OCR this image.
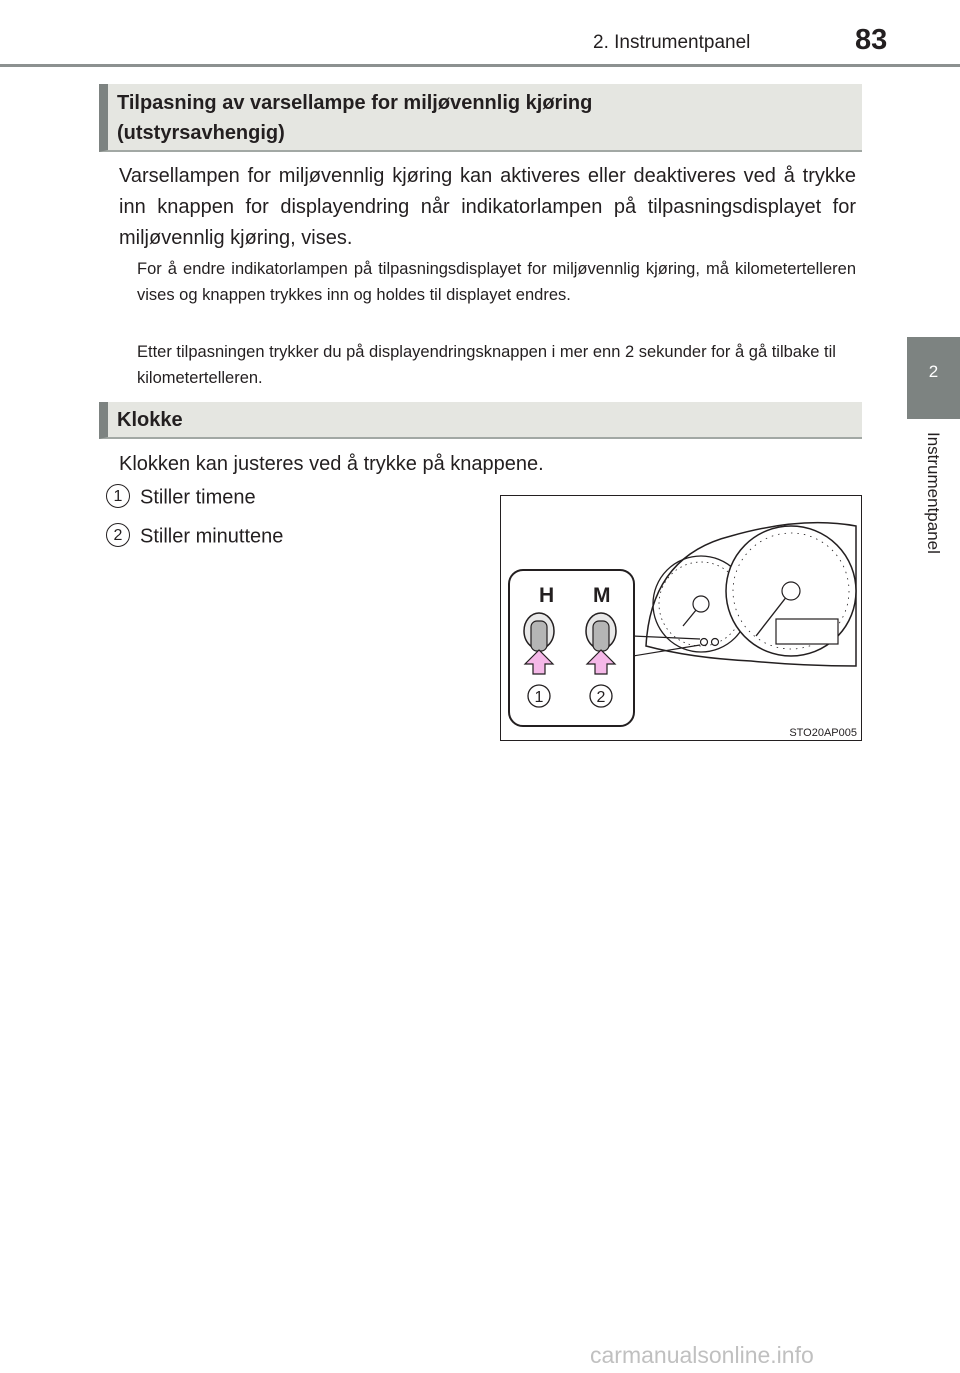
2. Instrumentpanel	83
2
Instrumentpanel
Tilpasning av varsellampe for miljøvennlig kjøring
(utstyrsavhengig)
Varsellampen for miljøvennlig kjøring kan aktiveres eller deaktiveres ved å trykke inn knappen for displayendring når indikatorlampen på tilpasningsdisplayet for miljøvennlig kjøring, vises.
For å endre indikatorlampen på tilpasningsdisplayet for miljøvennlig kjøring, må kilometertelleren vises og knappen trykkes inn og holdes til displayet endres.
Etter tilpasningen trykker du på displayendringsknappen i mer enn 2 sekunder for å gå tilbake til kilometertelleren.
Klokke
Klokken kan justeres ved å trykke på knappene.
1 Stiller timene
2 Stiller minuttene
H M
1	2
STO20AP005
carmanualsonline.info
